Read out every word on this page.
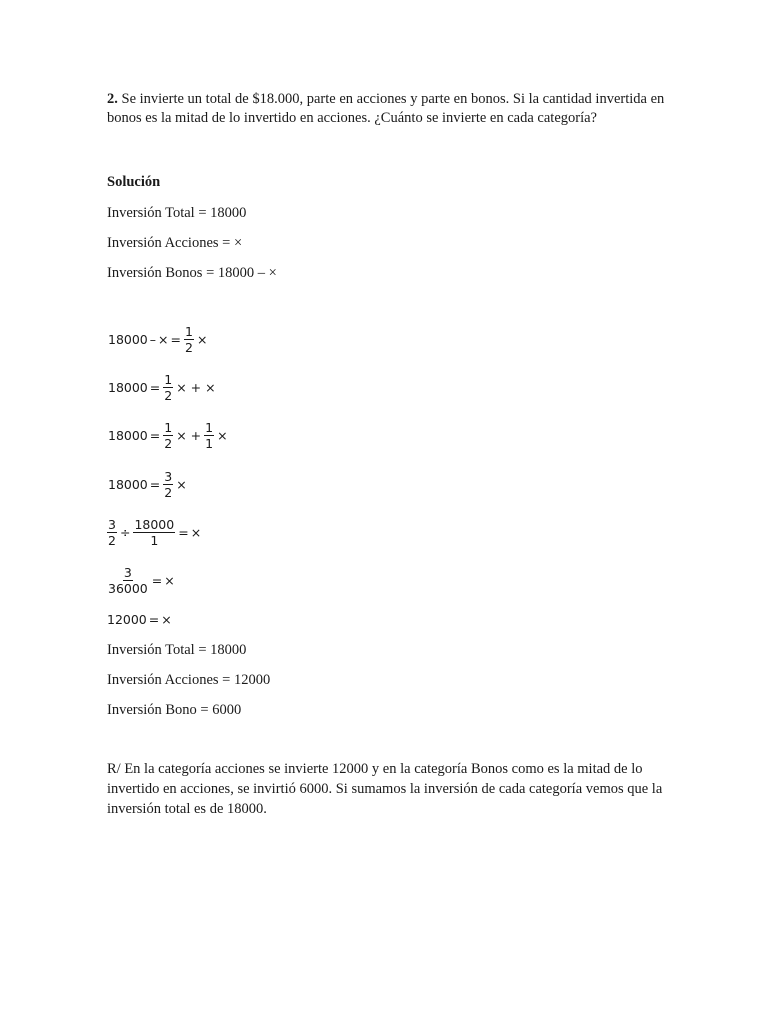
2. Se invierte un total de $18.000, parte en acciones y parte en bonos. Si la cantidad invertida en bonos es la mitad de lo invertido en acciones. ¿Cuánto se invierte en cada categoría?
Solución
Inversión Total = 18000
Inversión Acciones = ×
Inversión Bonos = 18000 – ×
18000 – × = $\frac{1}{2}$ ×
$18000 = \frac{1}{2}$ × + ×
$18000 = \frac{1}{2}$ × + $\frac{1}{1}$ ×
$18000 = \frac{3}{2}$ ×
$\frac{3}{2} \div \frac{18000}{1}$ = ×
$\frac{3}{36000}$ = ×
12000 = ×
Inversión Total = 18000
Inversión Acciones = 12000
Inversión Bono = 6000
R/ En la categoría acciones se invierte 12000 y en la categoría Bonos como es la mitad de lo invertido en acciones, se invirtió 6000. Si sumamos la inversión de cada categoría vemos que la inversión total es de 18000.
